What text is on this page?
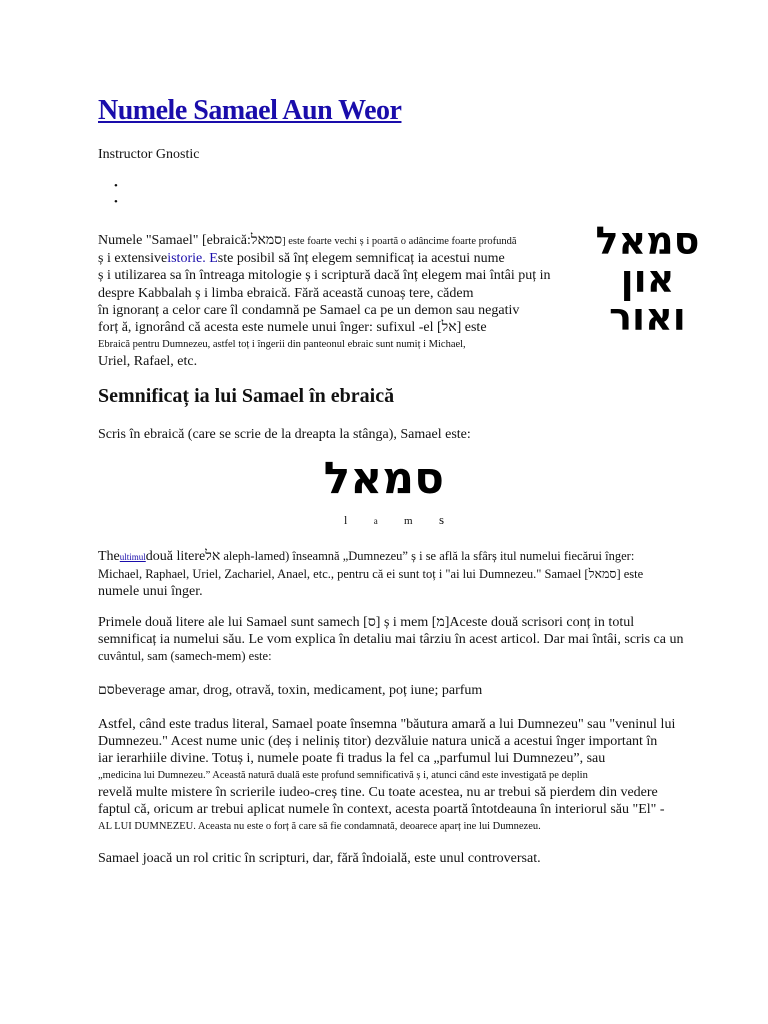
Numele Samael Aun Weor
Instructor Gnostic
•
•
Numele "Samael" [ebraică:סמאל] este foarte vechi ș i poartă o adâncime foarte profundă
ș i extensiveistorie. Este posibil să înț elegem semnificaț ia acestui nume
ș i utilizarea sa în întreaga mitologie ș i scriptură dacă înț elegem mai întâi puț in
despre Kabbalah ș i limba ebraică. Fără această cunoaș tere, cădem
în ignoranț a celor care îl condamnă pe Samael ca pe un demon sau negativ
forț ă, ignorând că acesta este numele unui înger: sufixul -el [אל] este
Ebraică pentru Dumnezeu, astfel toț i îngerii din panteonul ebraic sunt numiț i Michael,
Uriel, Rafael, etc.
סמאל
און
ואור
Semnificaț ia lui Samael în ebraică
Scris în ebraică (care se scrie de la dreapta la stânga), Samael este:
סמאל
l	a m s
Theultimuldouă litereאל aleph-lamed) înseamnă „Dumnezeu” ș i se află la sfârș itul numelui fiecărui înger:
Michael, Raphael, Uriel, Zachariel, Anael, etc., pentru că ei sunt toț i "ai lui Dumnezeu." Samael [סמאל] este
numele unui înger.
Primele două litere ale lui Samael sunt samech [ס] ș i mem [מ]Aceste două scrisori conț in totul
semnificaț ia numelui său. Le vom explica în detaliu mai târziu în acest articol. Dar mai întâi, scris ca un
cuvântul, sam (samech-mem) este:
סםbeverage amar, drog, otravă, toxin, medicament, poț iune; parfum
Astfel, când este tradus literal, Samael poate însemna "băutura amară a lui Dumnezeu" sau "veninul lui
Dumnezeu." Acest nume unic (deș i neliniș titor) dezvăluie natura unică a acestui înger important în
iar ierarhiile divine. Totuș i, numele poate fi tradus la fel ca „parfumul lui Dumnezeu”, sau
„medicina lui Dumnezeu.” Această natură duală este profund semnificativă ș i, atunci când este investigată pe deplin
revelă multe mistere în scrierile iudeo-creș tine. Cu toate acestea, nu ar trebui să pierdem din vedere
faptul că, oricum ar trebui aplicat numele în context, acesta poartă întotdeauna în interiorul său "El" -
AL LUI DUMNEZEU. Aceasta nu este o forț ă care să fie condamnată, deoarece aparț ine lui Dumnezeu.
Samael joacă un rol critic în scripturi, dar, fără îndoială, este unul controversat.
